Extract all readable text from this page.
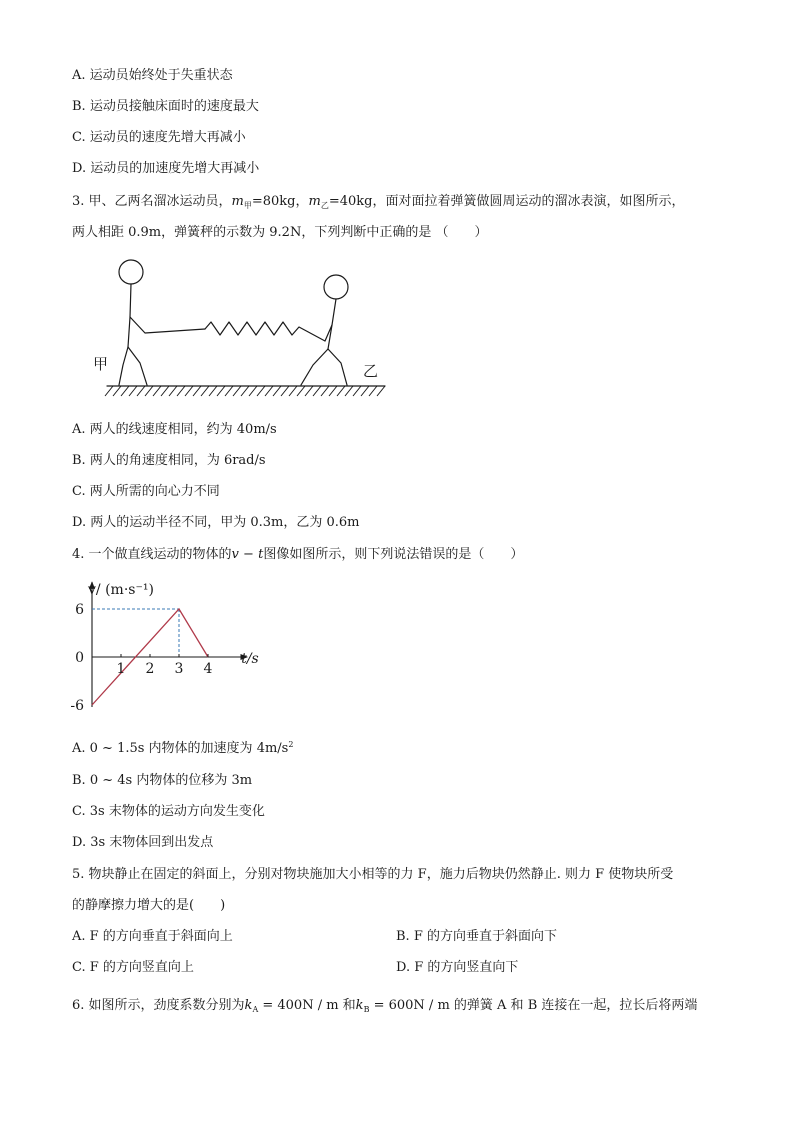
A. 运动员始终处于失重状态
B. 运动员接触床面时的速度最大
C. 运动员的速度先增大再减小
D. 运动员的加速度先增大再减小
3. 甲、乙两名溜冰运动员，$m_甲=80kg$，$m_乙=40kg$，面对面拉着弹簧做圆周运动的溜冰表演，如图所示，
两人相距 0.9m，弹簧秤的示数为 9.2N，下列判断中正确的是 （　　）
甲	乙
A. 两人的线速度相同，约为 40m/s
B. 两人的角速度相同，为 6rad/s
C. 两人所需的向心力不同
D. 两人的运动半径不同，甲为 0.3m，乙为 0.6m
4. 一个做直线运动的物体的v − t图像如图所示，则下列说法错误的是（　　）
1 2 3 4
6
0
-6
v/ (m·s⁻¹)
t/s
A. 0 ~ 1.5s 内物体的加速度为 $4m/s^2$
B. 0 ~ 4s 内物体的位移为 3m
C. 3s 末物体的运动方向发生变化
D. 3s 末物体回到出发点
5. 物块静止在固定的斜面上，分别对物块施加大小相等的力 F，施力后物块仍然静止. 则力 F 使物块所受
的静摩擦力增大的是(　　)
A. F 的方向垂直于斜面向上	B. F 的方向垂直于斜面向下
C. F 的方向竖直向上	D. F 的方向竖直向下
6. 如图所示，劲度系数分别为$k_A = 400N / m$ 和$k_B = 600N / m$ 的弹簧 A 和 B 连接在一起，拉长后将两端
